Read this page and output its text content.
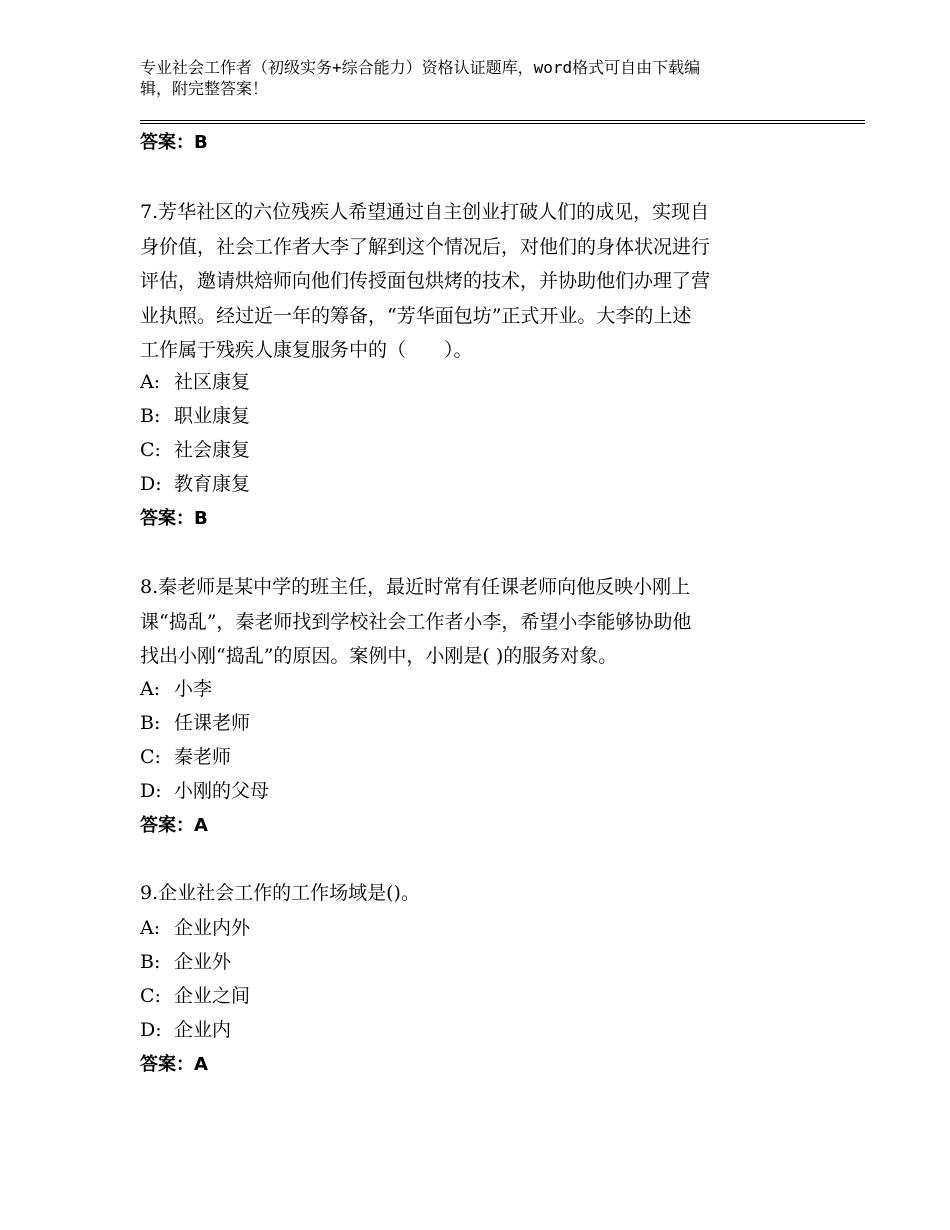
专业社会工作者（初级实务+综合能力）资格认证题库，word格式可自由下载编
辑，附完整答案！
答案：B
7.芳华社区的六位残疾人希望通过自主创业打破人们的成见，实现自
身价值，社会工作者大李了解到这个情况后，对他们的身体状况进行
评估，邀请烘焙师向他们传授面包烘烤的技术，并协助他们办理了营
业执照。经过近一年的筹备，“芳华面包坊”正式开业。大李的上述
工作属于残疾人康复服务中的（　　）。
A: 社区康复
B: 职业康复
C: 社会康复
D: 教育康复
答案：B
8.秦老师是某中学的班主任，最近时常有任课老师向他反映小刚上
课“捣乱”，秦老师找到学校社会工作者小李，希望小李能够协助他
找出小刚“捣乱”的原因。案例中，小刚是( )的服务对象。
A: 小李
B: 任课老师
C: 秦老师
D: 小刚的父母
答案：A
9.企业社会工作的工作场域是()。
A: 企业内外
B: 企业外
C: 企业之间
D: 企业内
答案：A
